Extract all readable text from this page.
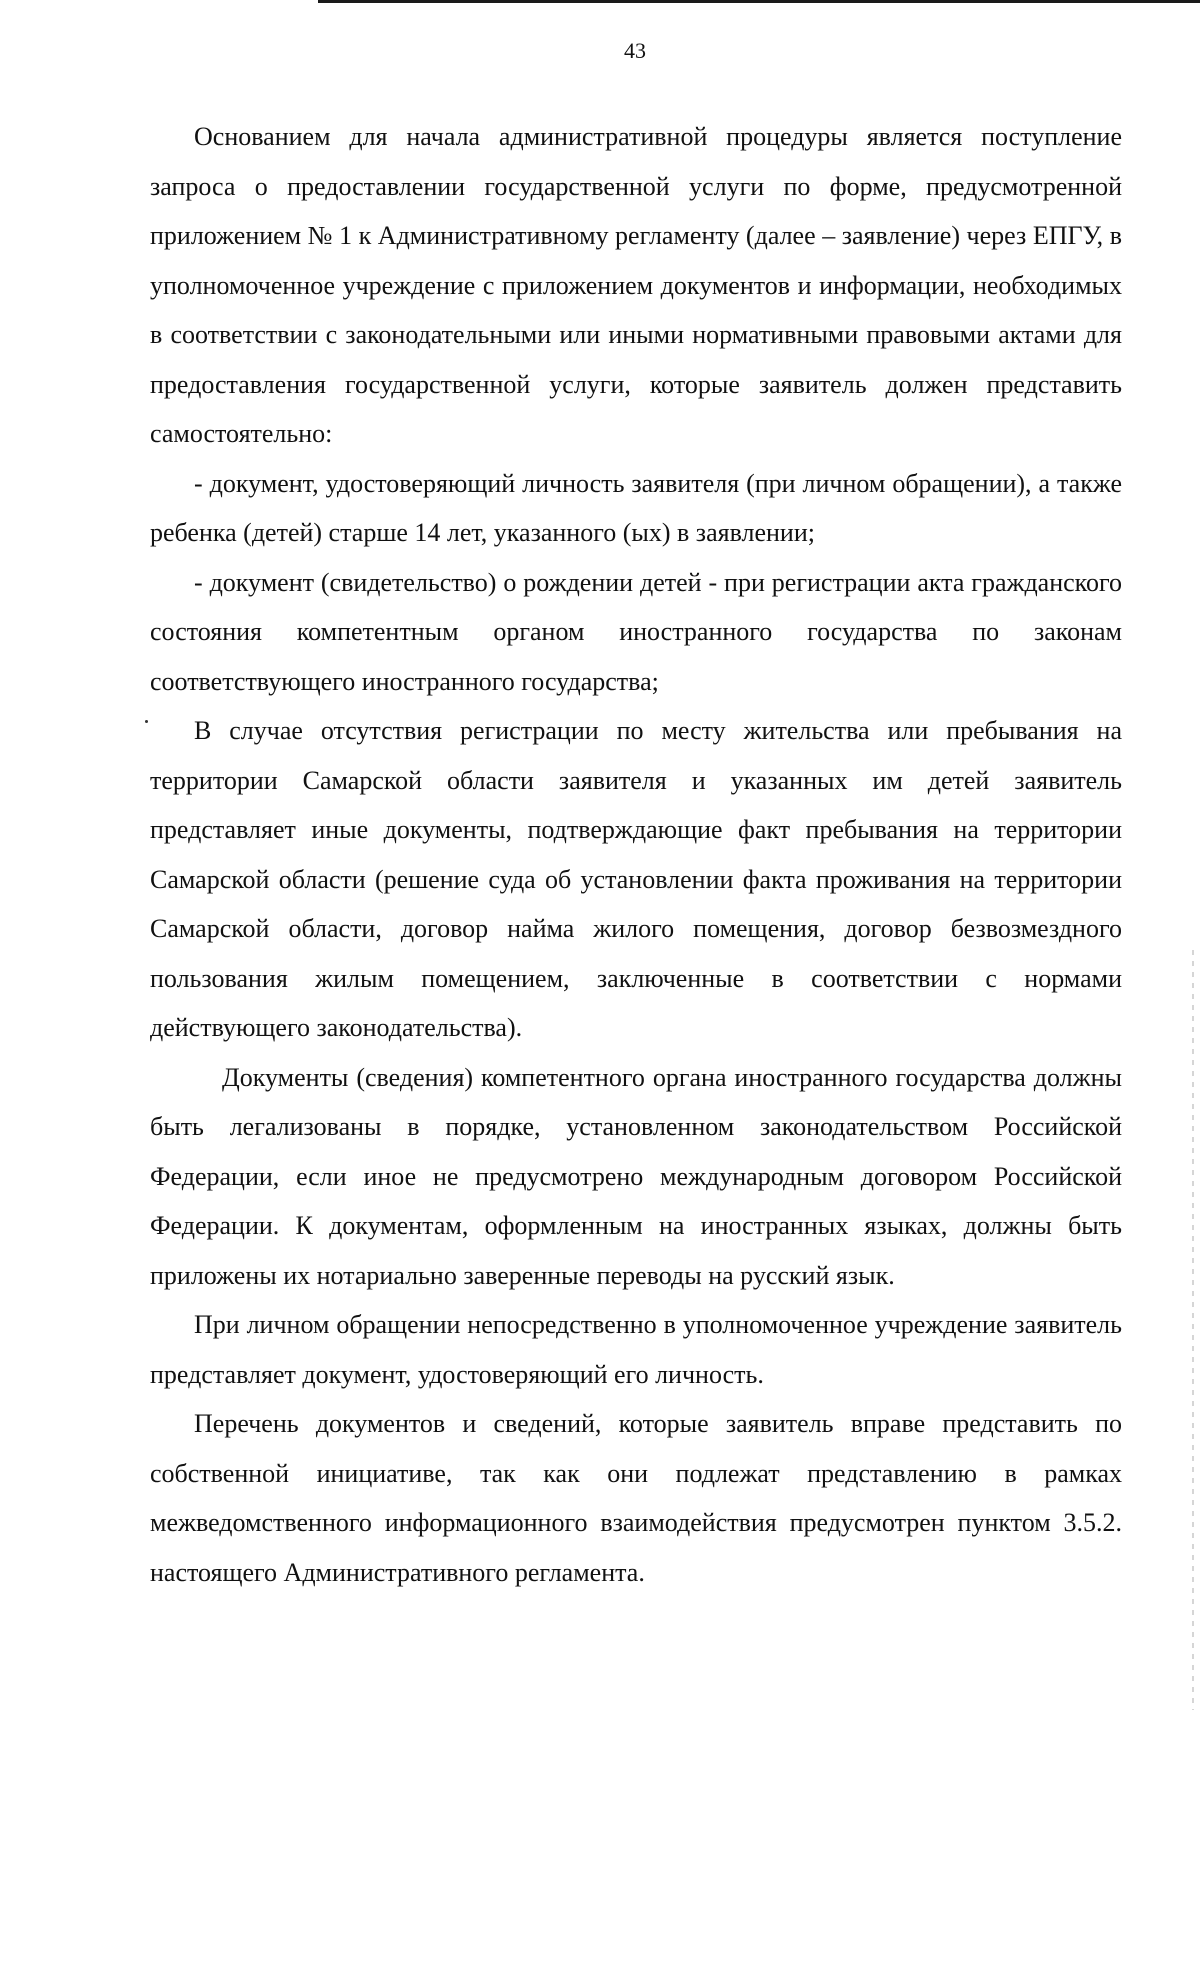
43

Основанием для начала административной процедуры является поступление запроса о предоставлении государственной услуги по форме, предусмотренной приложением № 1 к Административному регламенту (далее – заявление) через ЕПГУ, в уполномоченное учреждение с приложением документов и информации, необходимых в соответствии с законодательными или иными нормативными правовыми актами для предоставления государственной услуги, которые заявитель должен представить самостоятельно:

- документ, удостоверяющий личность заявителя (при личном обращении), а также ребенка (детей) старше 14 лет, указанного (ых) в заявлении;

- документ (свидетельство) о рождении детей - при регистрации акта гражданского состояния компетентным органом иностранного государства по законам соответствующего иностранного государства;

В случае отсутствия регистрации по месту жительства или пребывания на территории Самарской области заявителя и указанных им детей заявитель представляет иные документы, подтверждающие факт пребывания на территории Самарской области (решение суда об установлении факта проживания на территории Самарской области, договор найма жилого помещения, договор безвозмездного пользования жилым помещением, заключенные в соответствии с нормами действующего законодательства).

Документы (сведения) компетентного органа иностранного государства должны быть легализованы в порядке, установленном законодательством Российской Федерации, если иное не предусмотрено международным договором Российской Федерации. К документам, оформленным на иностранных языках, должны быть приложены их нотариально заверенные переводы на русский язык.

При личном обращении непосредственно в уполномоченное учреждение заявитель представляет документ, удостоверяющий его личность.

Перечень документов и сведений, которые заявитель вправе представить по собственной инициативе, так как они подлежат представлению в рамках межведомственного информационного взаимодействия предусмотрен пунктом 3.5.2. настоящего Административного регламента.
